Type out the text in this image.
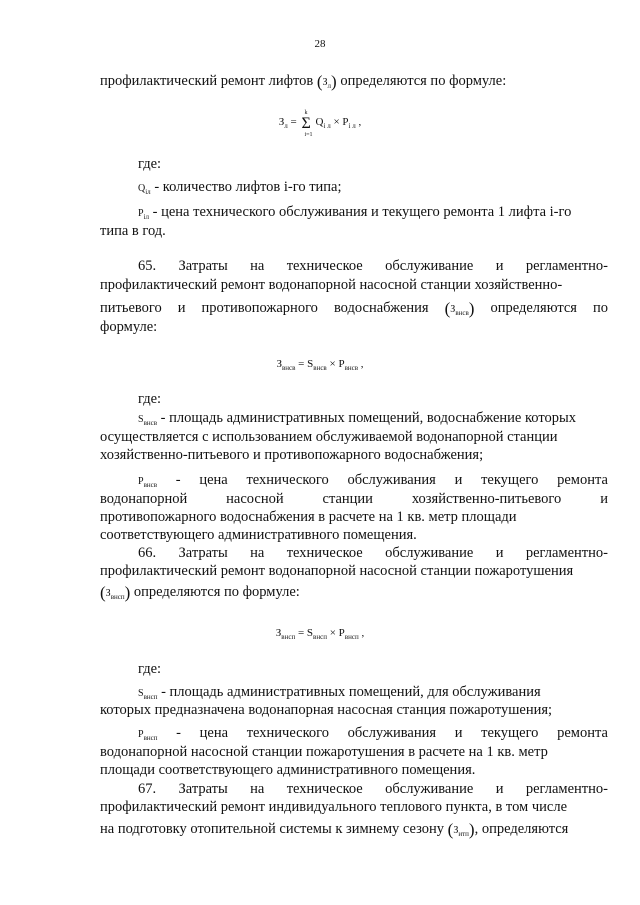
28
профилактический ремонт лифтов $(З_л)$ определяются по формуле:
$З_л = \Sigma$
k
i=1
$Q_{i л} \times P_{i л}$ ,
где:
$Q_{iл}$ - количество лифтов i-го типа;
$P_{iл}$ - цена технического обслуживания и текущего ремонта 1 лифта i-го
типа в год.
65. Затраты на техническое обслуживание и регламентно-
профилактический ремонт водонапорной насосной станции хозяйственно-
питьевого и противопожарного водоснабжения $(З_{внсв})$ определяются по
формуле:
$З_{внсв} = S_{внсв} \times P_{внсв}$ ,
где:
$S_{внсв}$ - площадь административных помещений, водоснабжение которых
осуществляется с использованием обслуживаемой водонапорной станции
хозяйственно-питьевого и противопожарного водоснабжения;
$P_{внсв}$ - цена технического обслуживания и текущего ремонта
водонапорной	насосной	станции	хозяйственно-питьевого	и
противопожарного водоснабжения в расчете на 1 кв. метр площади
соответствующего административного помещения.
66. Затраты на техническое обслуживание и регламентно-
профилактический ремонт водонапорной насосной станции пожаротушения
$(З_{внсп})$ определяются по формуле:
$З_{внсп} = S_{внсп} \times P_{внсп}$ ,
где:
$S_{внсп}$ - площадь административных помещений, для обслуживания
которых предназначена водонапорная насосная станция пожаротушения;
$P_{внсп}$ - цена технического обслуживания и текущего ремонта
водонапорной насосной станции пожаротушения в расчете на 1 кв. метр
площади соответствующего административного помещения.
67. Затраты на техническое обслуживание и регламентно-
профилактический ремонт индивидуального теплового пункта, в том числе
на подготовку отопительной системы к зимнему сезону $(З_{итп})$, определяются
